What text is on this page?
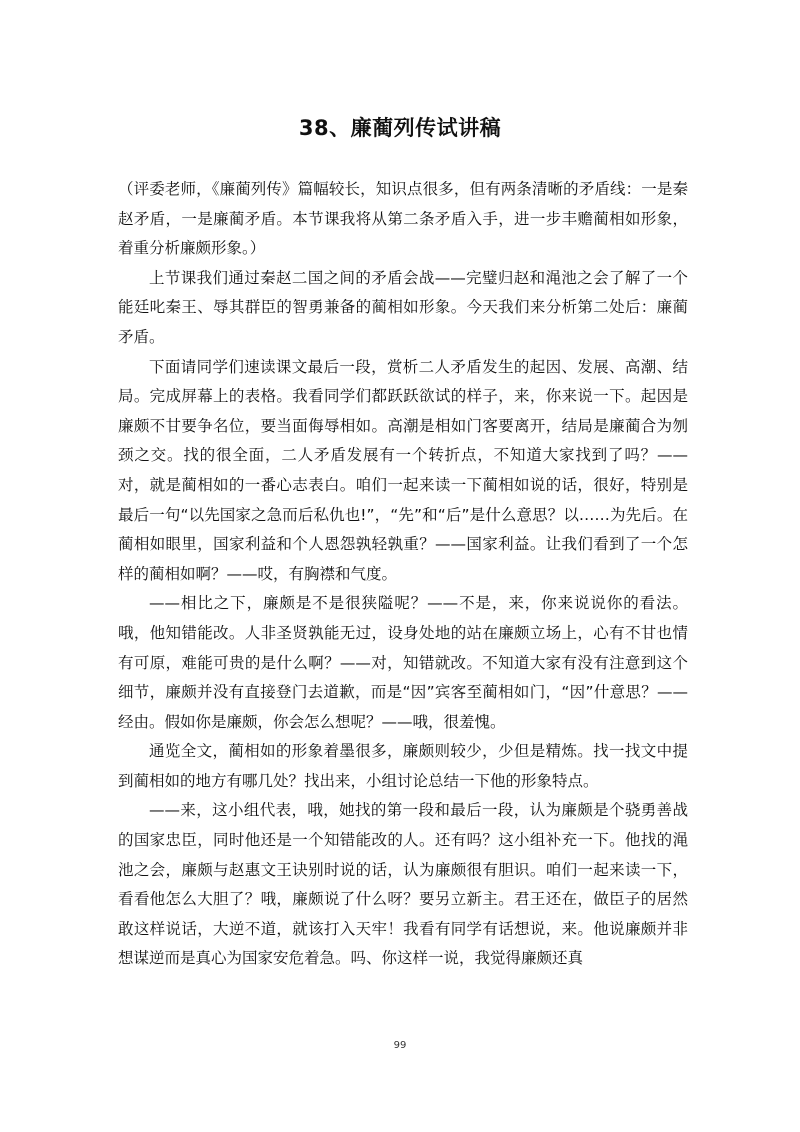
38、廉蔺列传试讲稿

（评委老师，《廉蔺列传》篇幅较长，知识点很多，但有两条清晰的矛盾线：一是秦赵矛盾，一是廉蔺矛盾。本节课我将从第二条矛盾入手，进一步丰赡蔺相如形象，着重分析廉颇形象。）

上节课我们通过秦赵二国之间的矛盾会战——完璧归赵和渑池之会了解了一个能廷叱秦王、辱其群臣的智勇兼备的蔺相如形象。今天我们来分析第二处后：廉蔺矛盾。

下面请同学们速读课文最后一段，赏析二人矛盾发生的起因、发展、高潮、结局。完成屏幕上的表格。我看同学们都跃跃欲试的样子，来，你来说一下。起因是廉颇不甘要争名位，要当面侮辱相如。高潮是相如门客要离开，结局是廉蔺合为刎颈之交。找的很全面，二人矛盾发展有一个转折点，不知道大家找到了吗？——对，就是蔺相如的一番心志表白。咱们一起来读一下蔺相如说的话，很好，特别是最后一句“以先国家之急而后私仇也!”，“先”和“后”是什么意思？以……为先后。在蔺相如眼里，国家利益和个人恩怨孰轻孰重？——国家利益。让我们看到了一个怎样的蔺相如啊？——哎，有胸襟和气度。

——相比之下，廉颇是不是很狭隘呢？——不是，来，你来说说你的看法。哦，他知错能改。人非圣贤孰能无过，设身处地的站在廉颇立场上，心有不甘也情有可原，难能可贵的是什么啊？——对，知错就改。不知道大家有没有注意到这个细节，廉颇并没有直接登门去道歉，而是“因”宾客至蔺相如门，“因”什意思？——经由。假如你是廉颇，你会怎么想呢？——哦，很羞愧。

通览全文，蔺相如的形象着墨很多，廉颇则较少，少但是精炼。找一找文中提到蔺相如的地方有哪几处？找出来，小组讨论总结一下他的形象特点。

——来，这小组代表，哦，她找的第一段和最后一段，认为廉颇是个骁勇善战的国家忠臣，同时他还是一个知错能改的人。还有吗？这小组补充一下。他找的渑池之会，廉颇与赵惠文王诀别时说的话，认为廉颇很有胆识。咱们一起来读一下，看看他怎么大胆了？哦，廉颇说了什么呀？要另立新主。君王还在，做臣子的居然敢这样说话，大逆不道，就该打入天牢！我看有同学有话想说，来。他说廉颇并非想谋逆而是真心为国家安危着急。吗、你这样一说，我觉得廉颇还真

99
